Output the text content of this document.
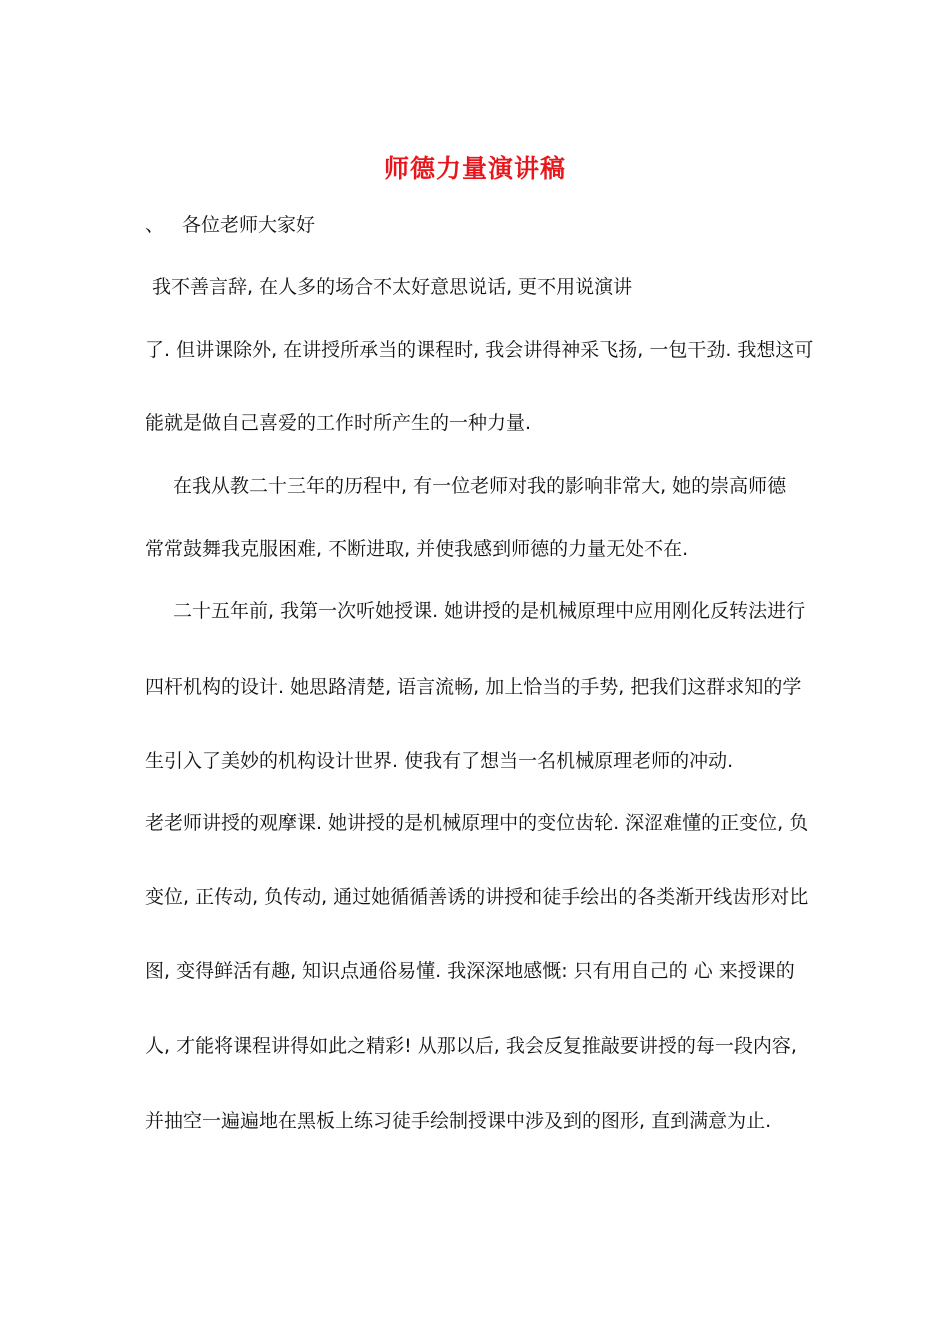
师德力量演讲稿

、 各位老师大家好

我不善言辞, 在人多的场合不太好意思说话, 更不用说演讲

了. 但讲课除外, 在讲授所承当的课程时, 我会讲得神采飞扬, 一包干劲. 我想这可

能就是做自己喜爱的工作时所产生的一种力量.

在我从教二十三年的历程中, 有一位老师对我的影响非常大, 她的崇高师德

常常鼓舞我克服困难, 不断进取, 并使我感到师德的力量无处不在.

二十五年前, 我第一次听她授课. 她讲授的是机械原理中应用刚化反转法进行

四杆机构的设计. 她思路清楚, 语言流畅, 加上恰当的手势, 把我们这群求知的学

生引入了美妙的机构设计世界. 使我有了想当一名机械原理老师的冲动.

老老师讲授的观摩课. 她讲授的是机械原理中的变位齿轮. 深涩难懂的正变位, 负

变位, 正传动, 负传动, 通过她循循善诱的讲授和徒手绘出的各类渐开线齿形对比

图, 变得鲜活有趣, 知识点通俗易懂. 我深深地感慨: 只有用自己的 心 来授课的

人, 才能将课程讲得如此之精彩! 从那以后, 我会反复推敲要讲授的每一段内容,

并抽空一遍遍地在黑板上练习徒手绘制授课中涉及到的图形, 直到满意为止.
